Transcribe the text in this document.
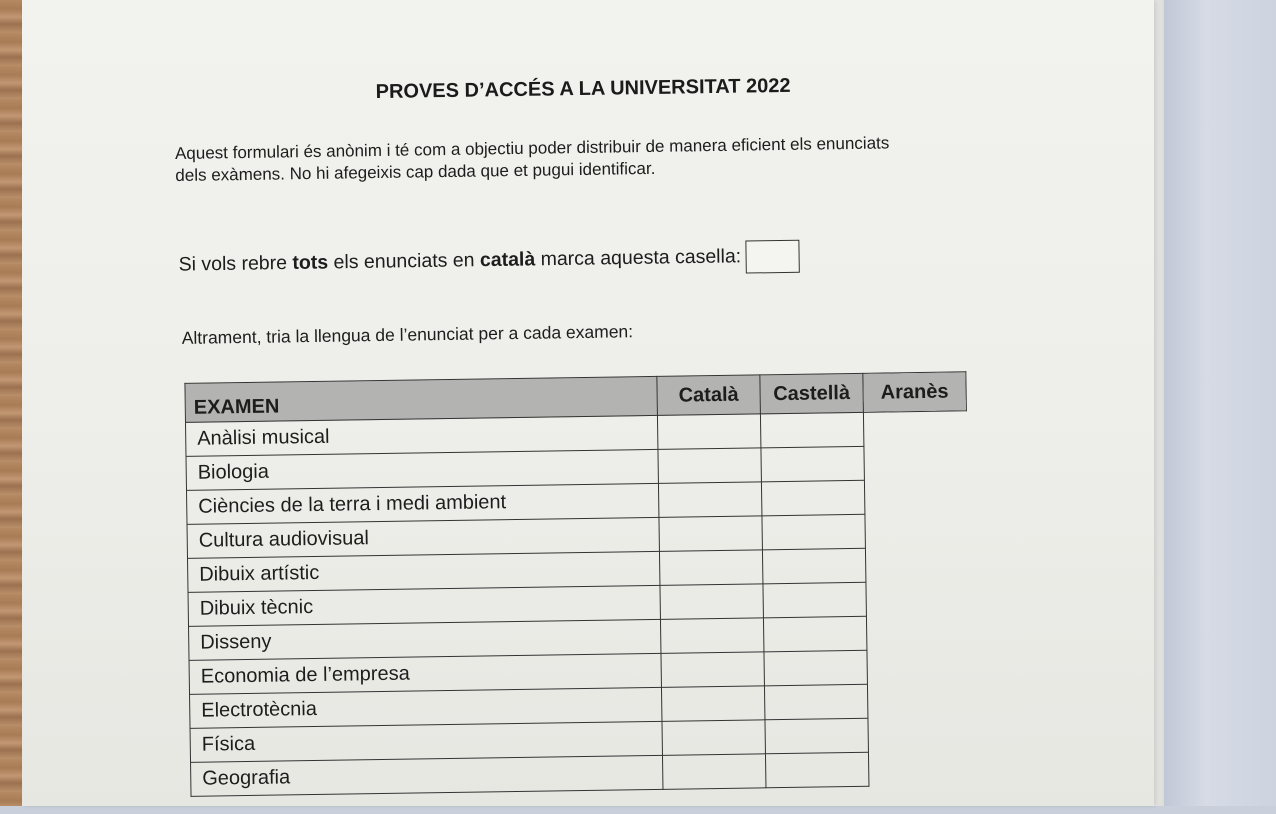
PROVES D’ACCÉS A LA UNIVERSITAT 2022
Aquest formulari és anònim i té com a objectiu poder distribuir de manera eficient els enunciats
dels exàmens. No hi afegeixis cap dada que et pugui identificar.
Si vols rebre tots els enunciats en català marca aquesta casella:
Altrament, tria la llengua de l’enunciat per a cada examen:
EXAMEN	Català	Castellà	Aranès
Anàlisi musical			
Biologia			
Ciències de la terra i medi ambient			
Cultura audiovisual			
Dibuix artístic			
Dibuix tècnic			
Disseny			
Economia de l’empresa			
Electrotècnia			
Física			
Geografia			
